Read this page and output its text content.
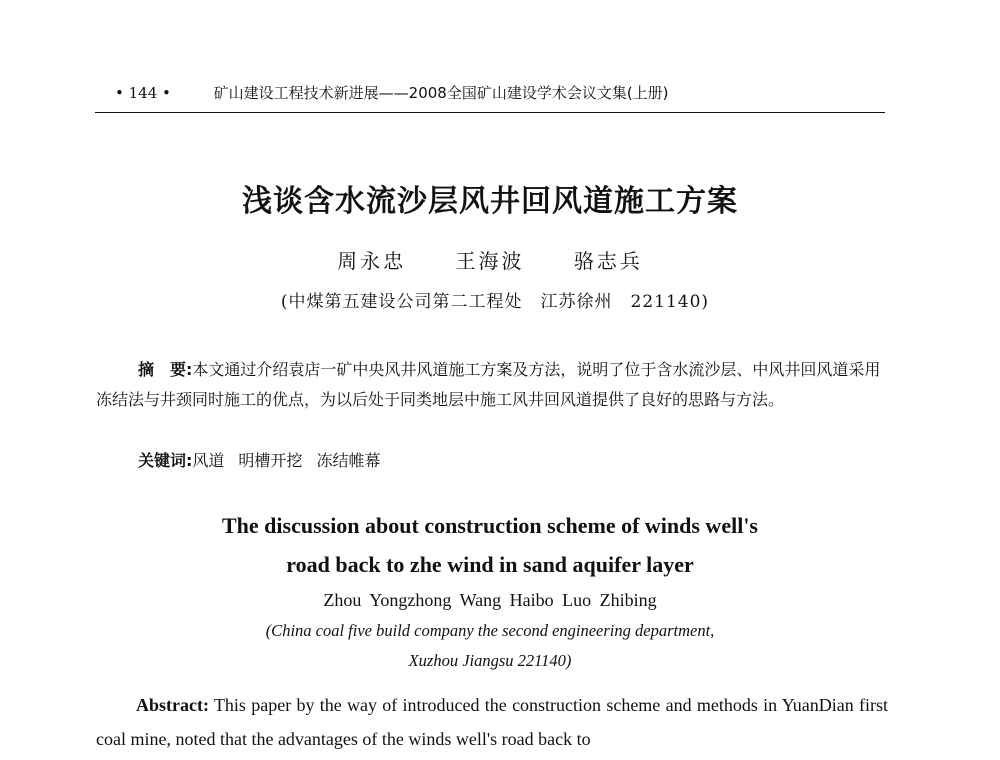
• 144 •	矿山建设工程技术新进展——2008全国矿山建设学术会议文集(上册)
浅谈含水流沙层风井回风道施工方案
周永忠 王海波 骆志兵
(中煤第五建设公司第二工程处　江苏徐州　221140)
摘　要:本文通过介绍袁店一矿中央风井风道施工方案及方法，说明了位于含水流沙层、中风井回风道采用冻结法与井颈同时施工的优点，为以后处于同类地层中施工风井回风道提供了良好的思路与方法。
关键词:风道 明槽开挖 冻结帷幕
The discussion about construction scheme of winds well's
road back to zhe wind in sand aquifer layer
Zhou Yongzhong Wang Haibo Luo Zhibing
(China coal five build company the second engineering department,
Xuzhou Jiangsu 221140)
Abstract: This paper by the way of introduced the construction scheme and methods in YuanDian first coal mine, noted that the advantages of the winds well's road back to
